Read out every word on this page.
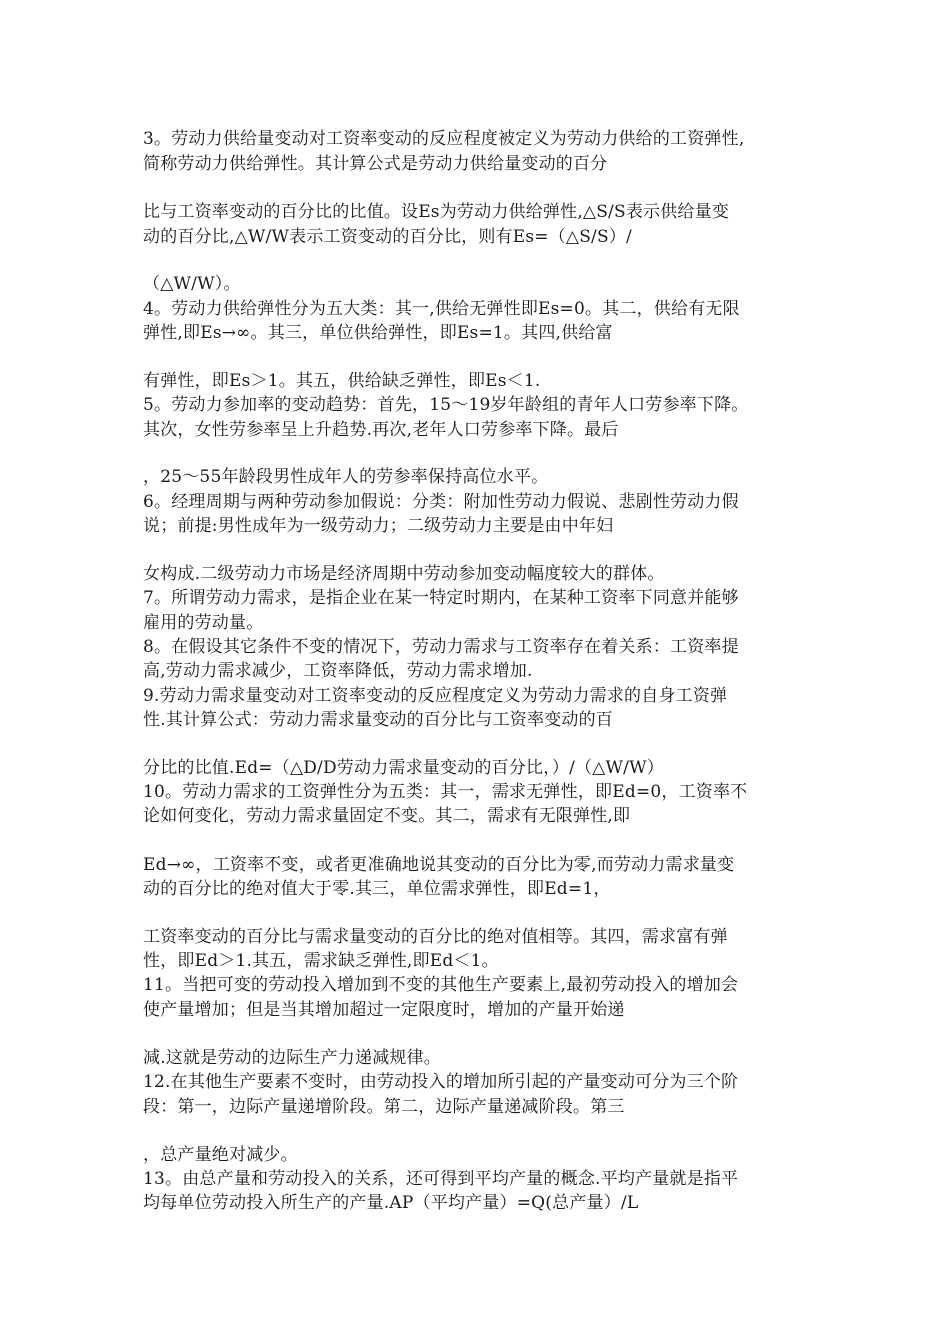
3。劳动力供给量变动对工资率变动的反应程度被定义为劳动力供给的工资弹性,
简称劳动力供给弹性。其计算公式是劳动力供给量变动的百分
比与工资率变动的百分比的比值。设Es为劳动力供给弹性,△S/S表示供给量变
动的百分比,△W/W表示工资变动的百分比，则有Es=（△S/S）/
（△W/W）。
4。劳动力供给弹性分为五大类：其一,供给无弹性即Es=0。其二，供给有无限
弹性,即Es→∞。其三，单位供给弹性，即Es=1。其四,供给富
有弹性，即Es＞1。其五，供给缺乏弹性，即Es＜1.
5。劳动力参加率的变动趋势：首先，15～19岁年龄组的青年人口劳参率下降。
其次，女性劳参率呈上升趋势.再次,老年人口劳参率下降。最后
，25～55年龄段男性成年人的劳参率保持高位水平。
6。经理周期与两种劳动参加假说：分类：附加性劳动力假说、悲剧性劳动力假
说；前提:男性成年为一级劳动力；二级劳动力主要是由中年妇
女构成.二级劳动力市场是经济周期中劳动参加变动幅度较大的群体。
7。所谓劳动力需求，是指企业在某一特定时期内，在某种工资率下同意并能够
雇用的劳动量。
8。在假设其它条件不变的情况下，劳动力需求与工资率存在着关系：工资率提
高,劳动力需求减少，工资率降低，劳动力需求增加.
9.劳动力需求量变动对工资率变动的反应程度定义为劳动力需求的自身工资弹
性.其计算公式：劳动力需求量变动的百分比与工资率变动的百
分比的比值.Ed=（△D/D劳动力需求量变动的百分比，）/（△W/W）
10。劳动力需求的工资弹性分为五类：其一，需求无弹性，即Ed=0，工资率不
论如何变化，劳动力需求量固定不变。其二，需求有无限弹性,即
Ed→∞，工资率不变，或者更准确地说其变动的百分比为零,而劳动力需求量变
动的百分比的绝对值大于零.其三，单位需求弹性，即Ed=1，
工资率变动的百分比与需求量变动的百分比的绝对值相等。其四，需求富有弹
性，即Ed＞1.其五，需求缺乏弹性,即Ed＜1。
11。当把可变的劳动投入增加到不变的其他生产要素上,最初劳动投入的增加会
使产量增加；但是当其增加超过一定限度时，增加的产量开始递
减.这就是劳动的边际生产力递减规律。
12.在其他生产要素不变时，由劳动投入的增加所引起的产量变动可分为三个阶
段：第一，边际产量递增阶段。第二，边际产量递减阶段。第三
，总产量绝对减少。
13。由总产量和劳动投入的关系，还可得到平均产量的概念.平均产量就是指平
均每单位劳动投入所生产的产量.AP（平均产量）=Q(总产量）/L
